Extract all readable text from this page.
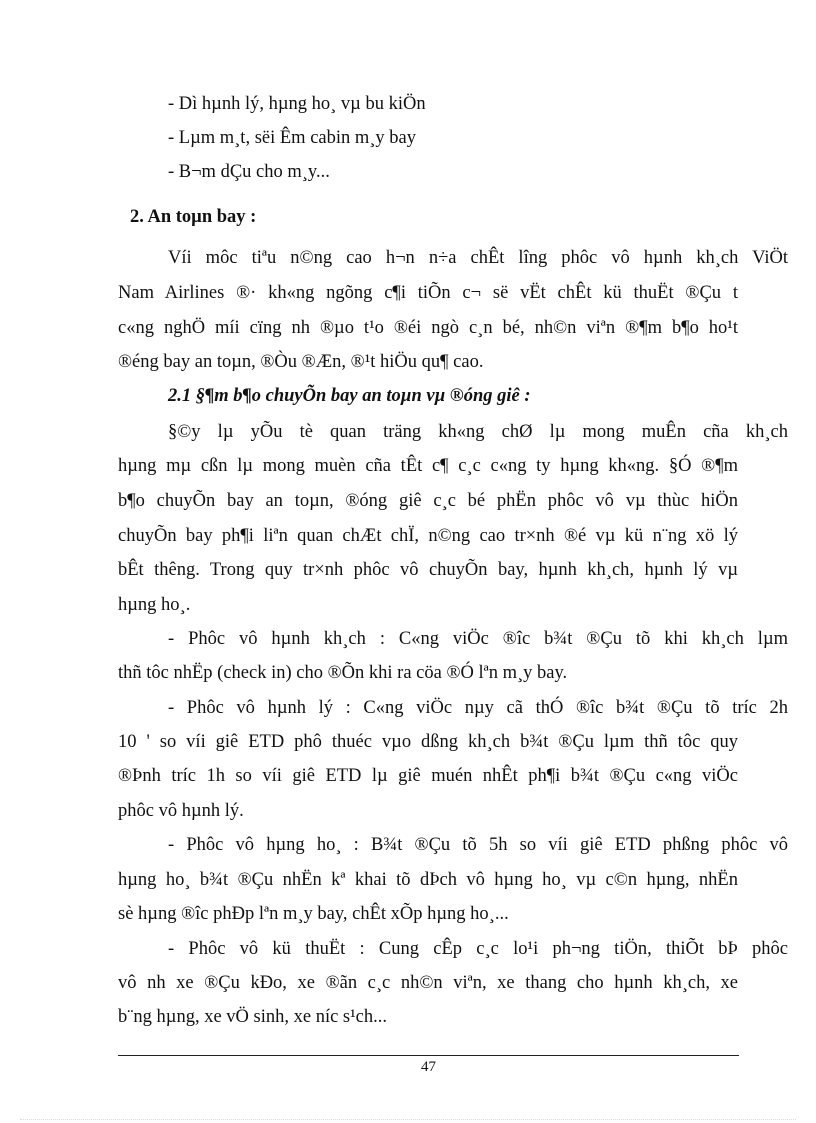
- Dì hµnh lý, hµng ho¸ vµ bu kiÖn
- Lµm m¸t, sëi Êm cabin m¸y bay
- B¬m dÇu cho m¸y...
2. An toµn bay :
Víi môc tiªu n©ng cao h¬n n÷a chÊt lîng phôc vô hµnh kh¸ch ViÖt
Nam Airlines ®· kh«ng ngõng c¶i tiÕn c¬ së vËt chÊt kü thuËt ®Çu t
c«ng nghÖ míi cïng nh ®µo t¹o ®éi ngò c¸n bé, nh©n viªn ®¶m b¶o ho¹t
®éng bay an toµn, ®Òu ®Æn, ®¹t hiÖu qu¶ cao.
2.1 §¶m b¶o chuyÕn bay an toµn vµ ®óng giê :
§©y lµ yÕu tè quan träng kh«ng chØ lµ mong muÊn cña kh¸ch
hµng mµ cßn lµ mong muèn cña tÊt c¶ c¸c c«ng ty hµng kh«ng. §Ó ®¶m
b¶o chuyÕn bay an toµn, ®óng giê c¸c bé phËn phôc vô vµ thùc hiÖn
chuyÕn bay ph¶i liªn quan chÆt chÏ, n©ng cao tr×nh ®é vµ kü n¨ng xö lý
bÊt thêng. Trong quy tr×nh phôc vô chuyÕn bay, hµnh kh¸ch, hµnh lý vµ
hµng ho¸.
- Phôc vô hµnh kh¸ch : C«ng viÖc ®îc b¾t ®Çu tõ khi kh¸ch lµm
thñ tôc nhËp (check in) cho ®Õn khi ra cöa ®Ó lªn m¸y bay.
- Phôc vô hµnh lý : C«ng viÖc nµy cã thÓ ®îc b¾t ®Çu tõ tríc 2h
10 ' so víi giê ETD phô thuéc vµo dßng kh¸ch b¾t ®Çu lµm thñ tôc quy
®Þnh tríc 1h so víi giê ETD lµ giê muén nhÊt ph¶i b¾t ®Çu c«ng viÖc
phôc vô hµnh lý.
- Phôc vô hµng ho¸ : B¾t ®Çu tõ 5h so víi giê ETD phßng phôc vô
hµng ho¸ b¾t ®Çu nhËn kª khai tõ dÞch vô hµng ho¸ vµ c©n hµng, nhËn
sè hµng ®îc phÐp lªn m¸y bay, chÊt xÕp hµng ho¸...
- Phôc vô kü thuËt : Cung cÊp c¸c lo¹i ph¬ng tiÖn, thiÕt bÞ phôc
vô nh xe ®Çu kÐo, xe ®ãn c¸c nh©n viªn, xe thang cho hµnh kh¸ch, xe
b¨ng hµng, xe vÖ sinh, xe níc s¹ch...
47
